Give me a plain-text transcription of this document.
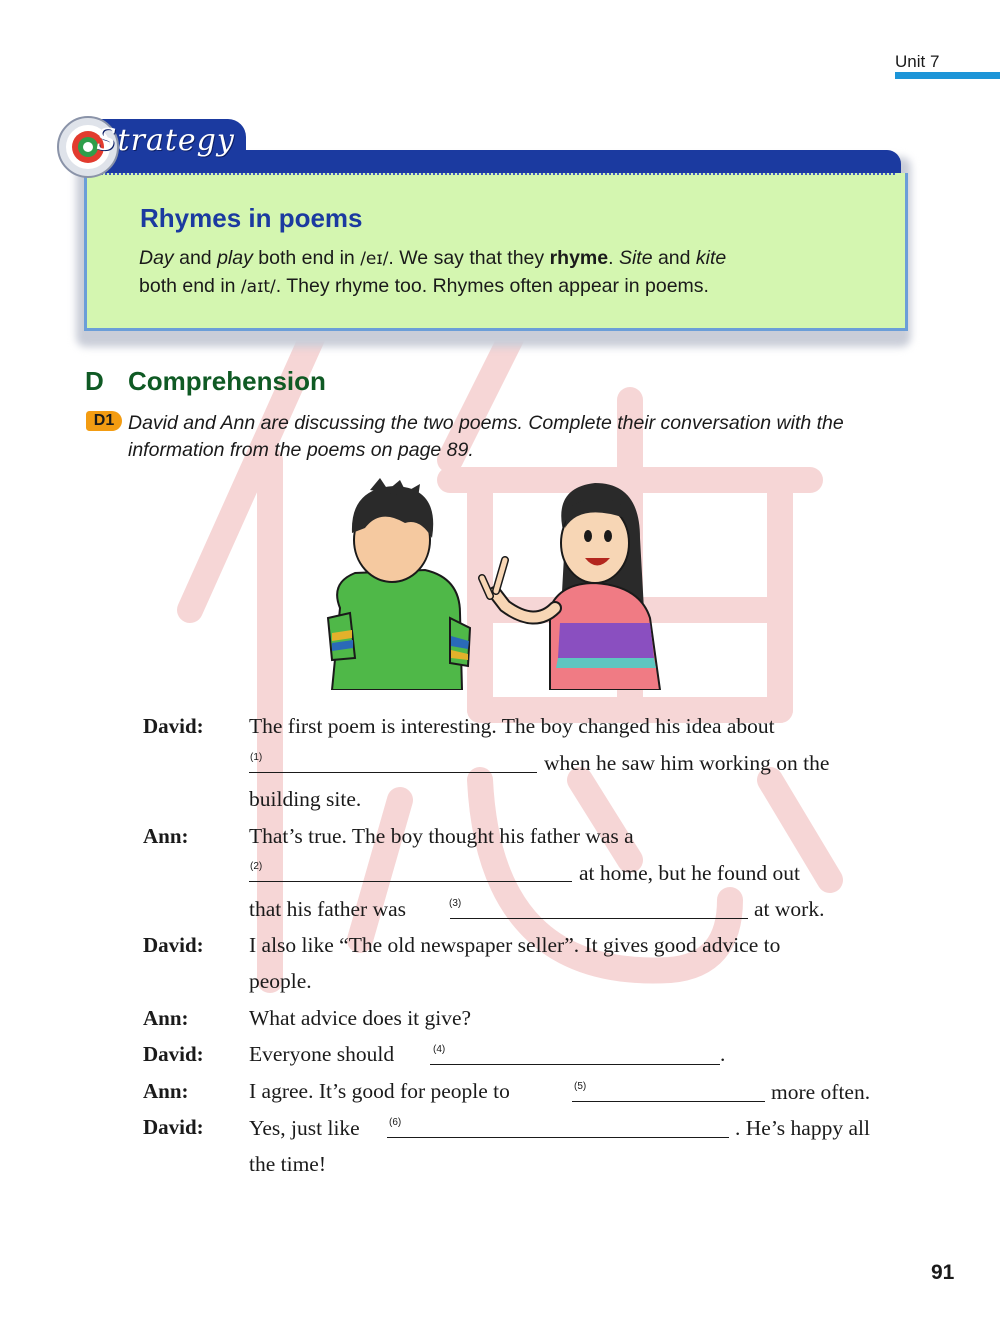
Unit 7
Strategy
Rhymes in poems
Day and play both end in /eɪ/. We say that they rhyme. Site and kite
both end in /aɪt/. They rhyme too. Rhymes often appear in poems.
D Comprehension
D1 David and Ann are discussing the two poems. Complete their conversation with the
information from the poems on page 89.
David: The first poem is interesting. The boy changed his idea about
(1)	when he saw him working on the
building site.
Ann:	That’s true. The boy thought his father was a
(2)	at home, but he found out
that his father was	(3)	at work.
David: I also like “The old newspaper seller”. It gives good advice to
people.
Ann:	What advice does it give?
David: Everyone should	(4)	.
Ann:	I agree. It’s good for people to	(5)	more often.
David: Yes, just like	(6)	. He’s happy all
the time!
91
